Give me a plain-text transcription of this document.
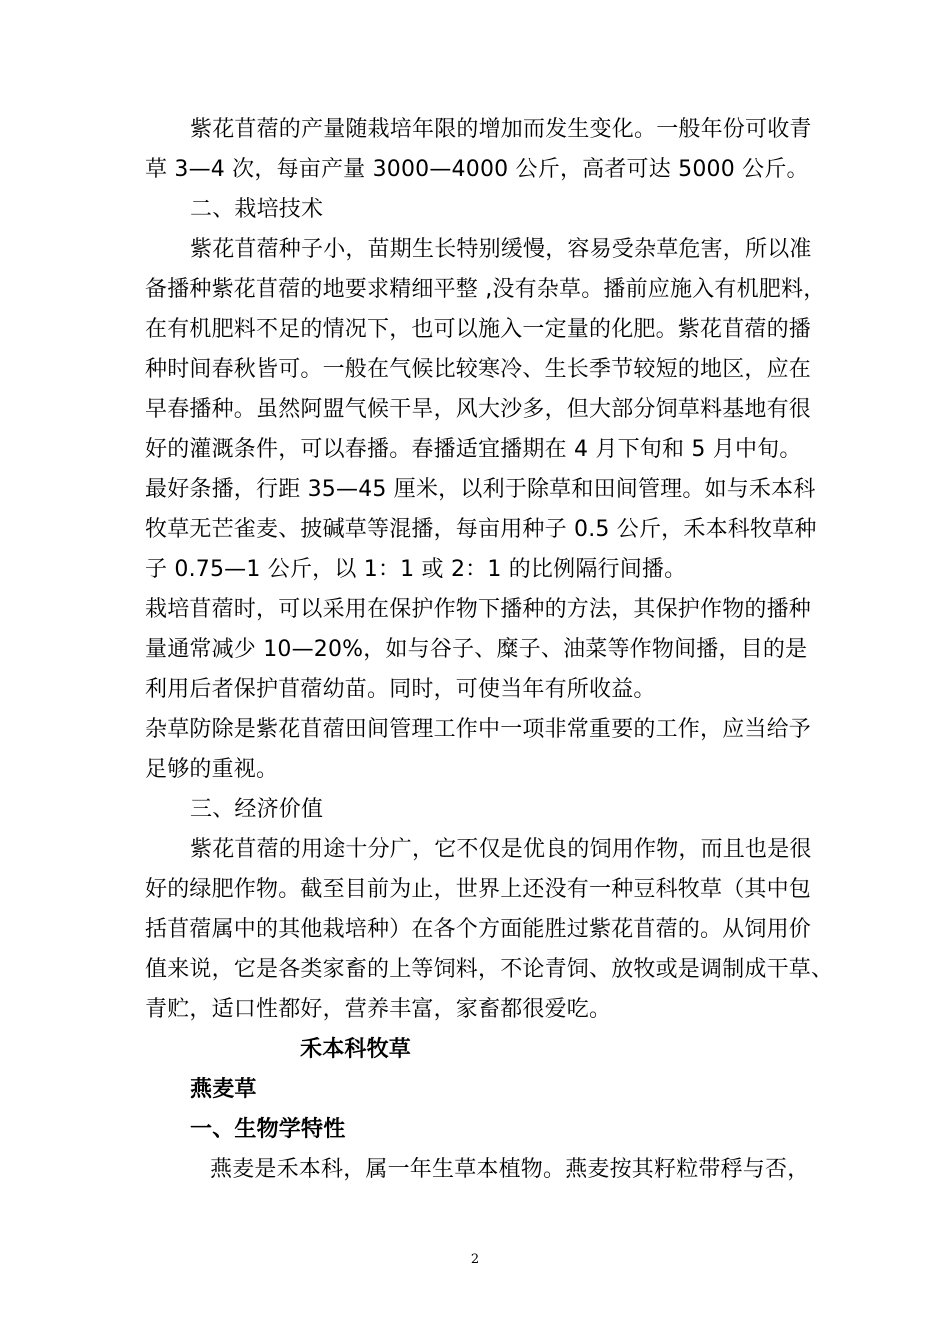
紫花苜蓿的产量随栽培年限的增加而发生变化。一般年份可收青
草 3—4 次，每亩产量 3000—4000 公斤，高者可达 5000 公斤。
二、栽培技术
紫花苜蓿种子小，苗期生长特别缓慢，容易受杂草危害，所以准
备播种紫花苜蓿的地要求精细平整 ,没有杂草。播前应施入有机肥料，
在有机肥料不足的情况下，也可以施入一定量的化肥。紫花苜蓿的播
种时间春秋皆可。一般在气候比较寒冷、生长季节较短的地区，应在
早春播种。虽然阿盟气候干旱，风大沙多，但大部分饲草料基地有很
好的灌溉条件，可以春播。春播适宜播期在 4 月下旬和 5 月中旬。
最好条播，行距 35—45 厘米，以利于除草和田间管理。如与禾本科
牧草无芒雀麦、披碱草等混播，每亩用种子 0.5 公斤，禾本科牧草种
子 0.75—1 公斤，以 1：1 或 2：1 的比例隔行间播。
栽培苜蓿时，可以采用在保护作物下播种的方法，其保护作物的播种
量通常减少 10—20%，如与谷子、糜子、油菜等作物间播，目的是
利用后者保护苜蓿幼苗。同时，可使当年有所收益。
杂草防除是紫花苜蓿田间管理工作中一项非常重要的工作，应当给予
足够的重视。
三、经济价值
紫花苜蓿的用途十分广，它不仅是优良的饲用作物，而且也是很
好的绿肥作物。截至目前为止，世界上还没有一种豆科牧草（其中包
括苜蓿属中的其他栽培种）在各个方面能胜过紫花苜蓿的。从饲用价
值来说，它是各类家畜的上等饲料，不论青饲、放牧或是调制成干草、
青贮，适口性都好，营养丰富，家畜都很爱吃。
禾本科牧草
燕麦草
一、生物学特性
燕麦是禾本科，属一年生草本植物。燕麦按其籽粒带稃与否，
2
